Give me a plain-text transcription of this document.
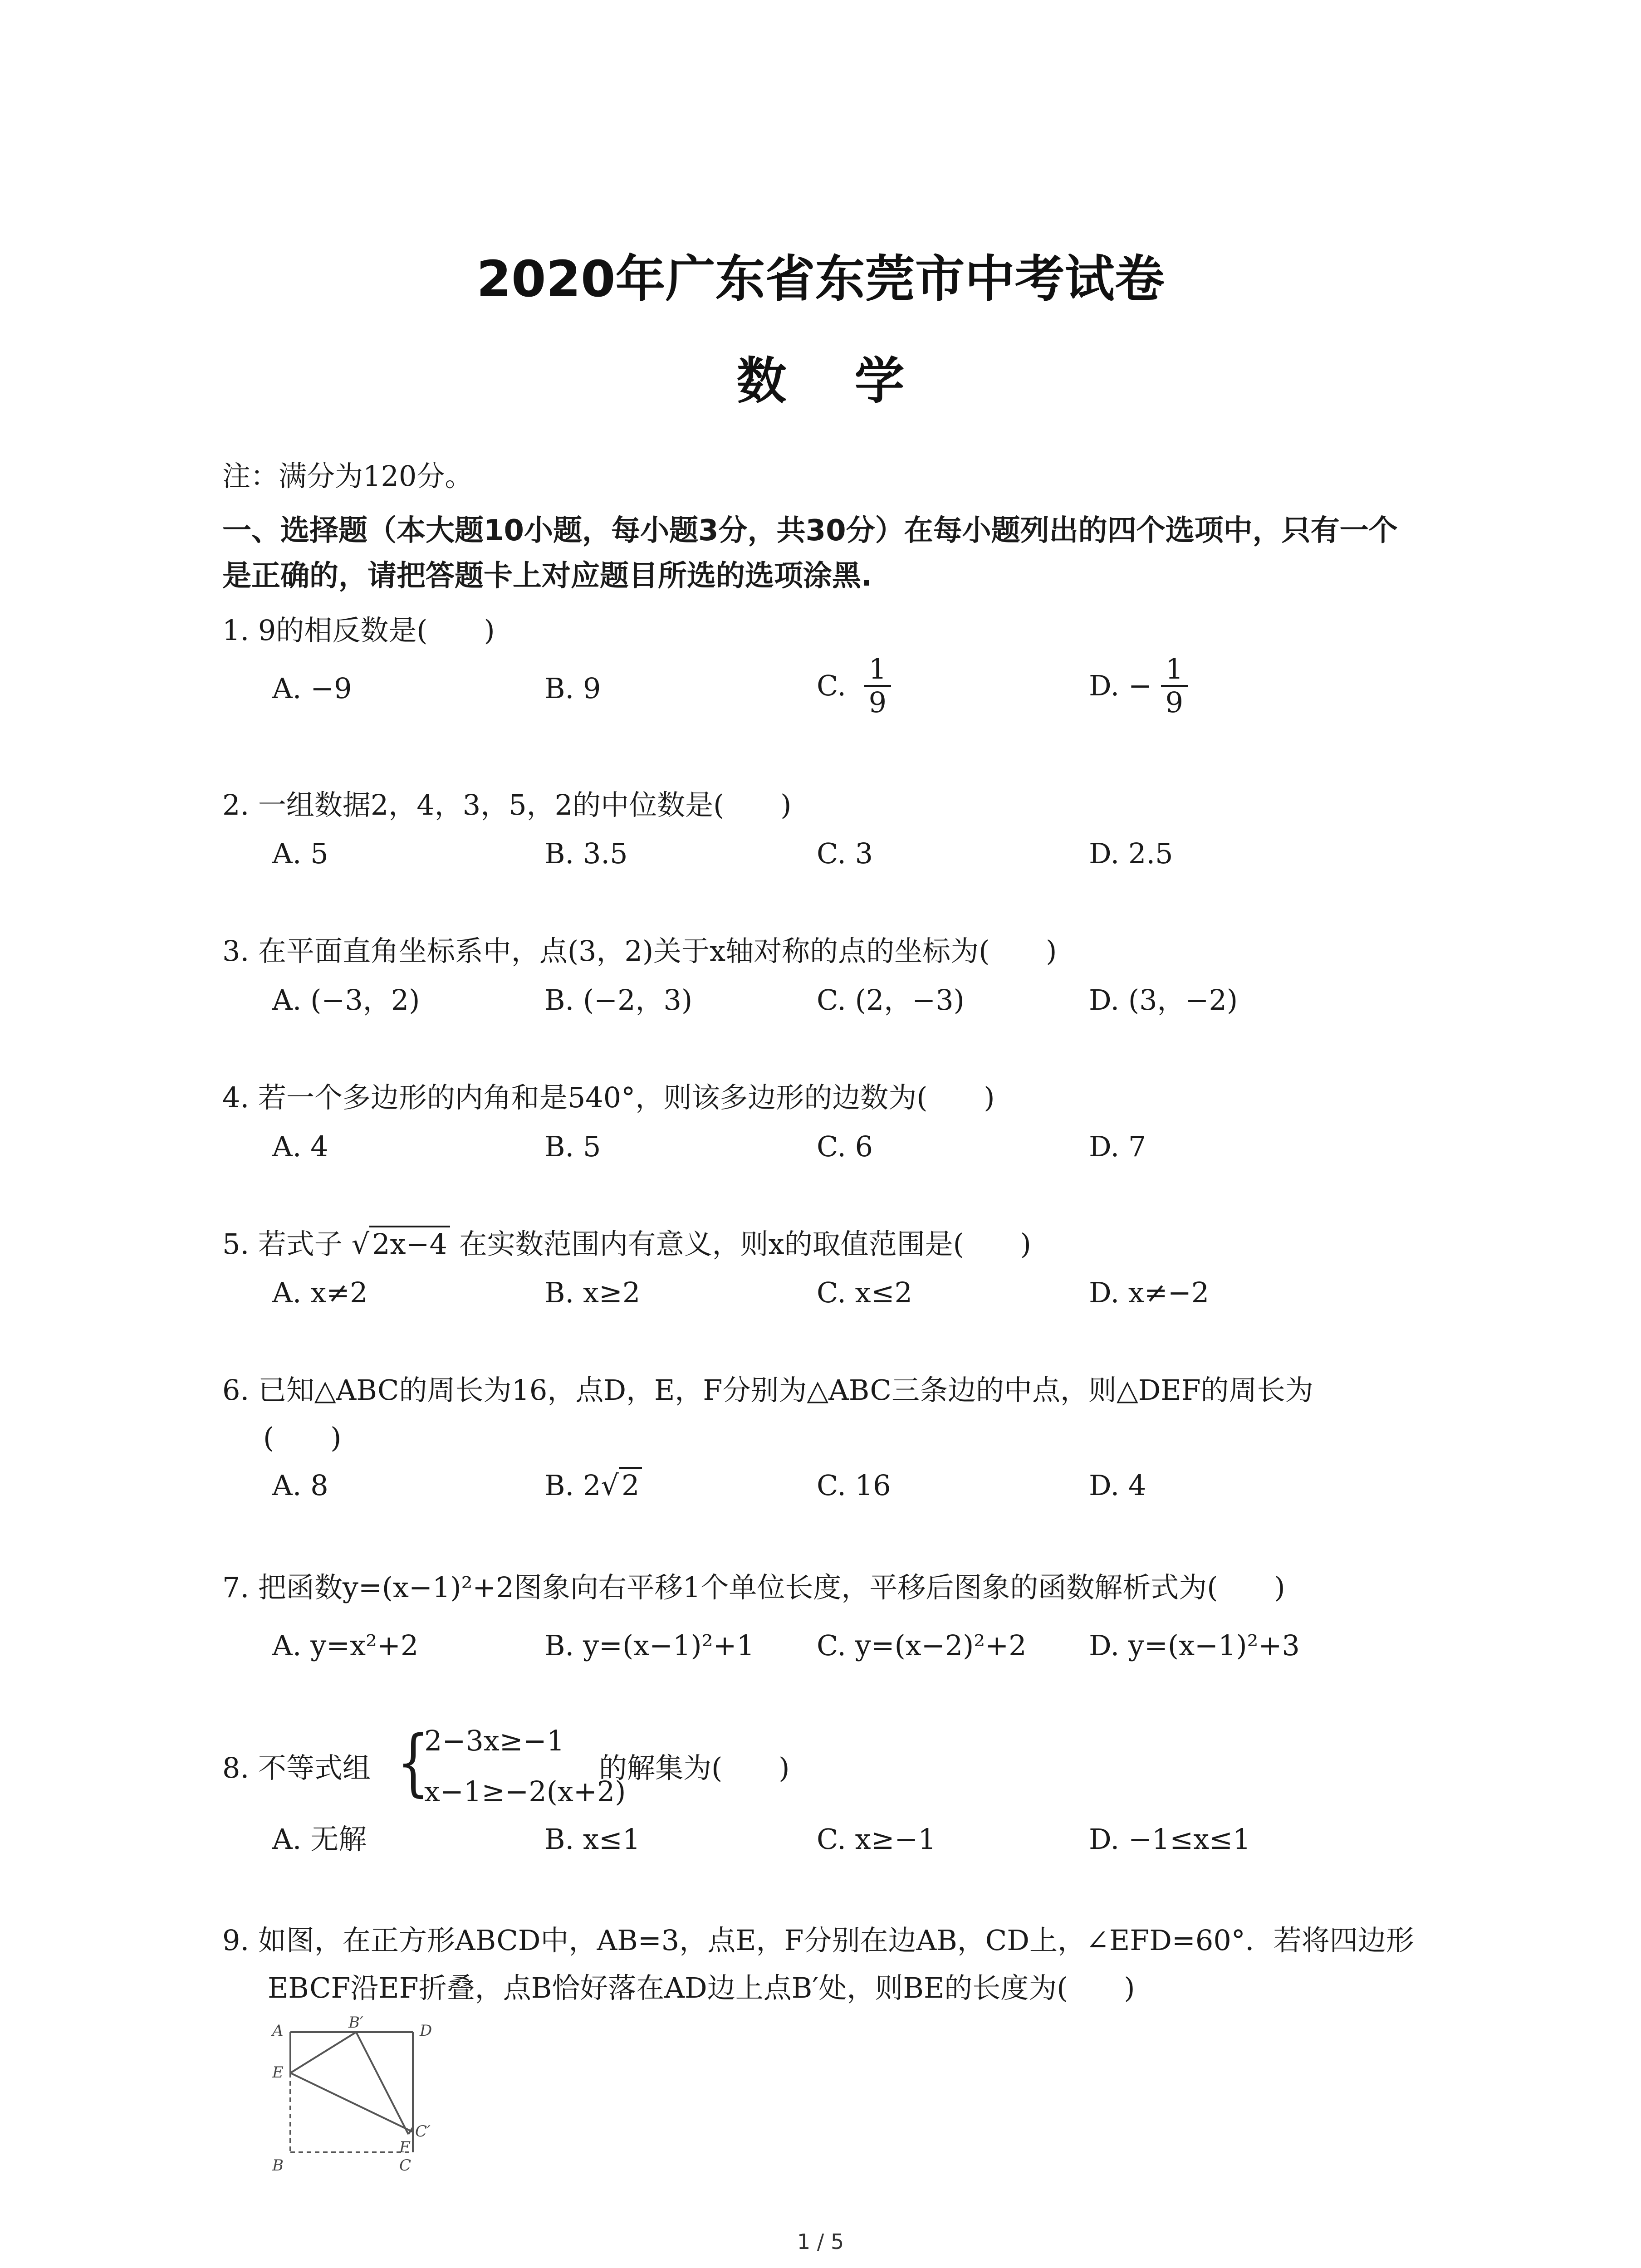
2020年广东省东莞市中考试卷
数学
注：满分为120分。
一、选择题（本大题10小题，每小题3分，共30分）在每小题列出的四个选项中，只有一个
是正确的，请把答题卡上对应题目所选的选项涂黑.
1. 9的相反数是(　　)
A. −9	B. 9	C. $\frac{1}{9}$	D. − $\frac{1}{9}$
2. 一组数据2，4，3，5，2的中位数是(　　)
A. 5	B. 3.5	C. 3	D. 2.5
3. 在平面直角坐标系中，点(3，2)关于x轴对称的点的坐标为(　　)
A. (−3，2)	B. (−2，3)	C. (2，−3)	D. (3，−2)
4. 若一个多边形的内角和是540°，则该多边形的边数为(　　)
A. 4	B. 5	C. 6	D. 7
5. 若式子 √2x−4 在实数范围内有意义，则x的取值范围是(　　)
A. x≠2	B. x≥2	C. x≤2	D. x≠−2
6. 已知△ABC的周长为16，点D，E，F分别为△ABC三条边的中点，则△DEF的周长为
(　　)
A. 8	B. 2√2	C. 16	D. 4
7. 把函数y=(x−1)²+2图象向右平移1个单位长度，平移后图象的函数解析式为(　　)
A. y=x²+2	B. y=(x−1)²+1 C. y=(x−2)²+2 D. y=(x−1)²+3
8. 不等式组 {
2−3x≥−1
x−1≥−2(x+2)
的解集为(　　)
A. 无解	B. x≤1	C. x≥−1	D. −1≤x≤1
9. 如图，在正方形ABCD中，AB=3，点E，F分别在边AB，CD上，∠EFD=60°．若将四边形
EBCF沿EF折叠，点B恰好落在AD边上点B′处，则BE的长度为(　　)
A	B′	D
E
C′
F
B	C
1 / 5
